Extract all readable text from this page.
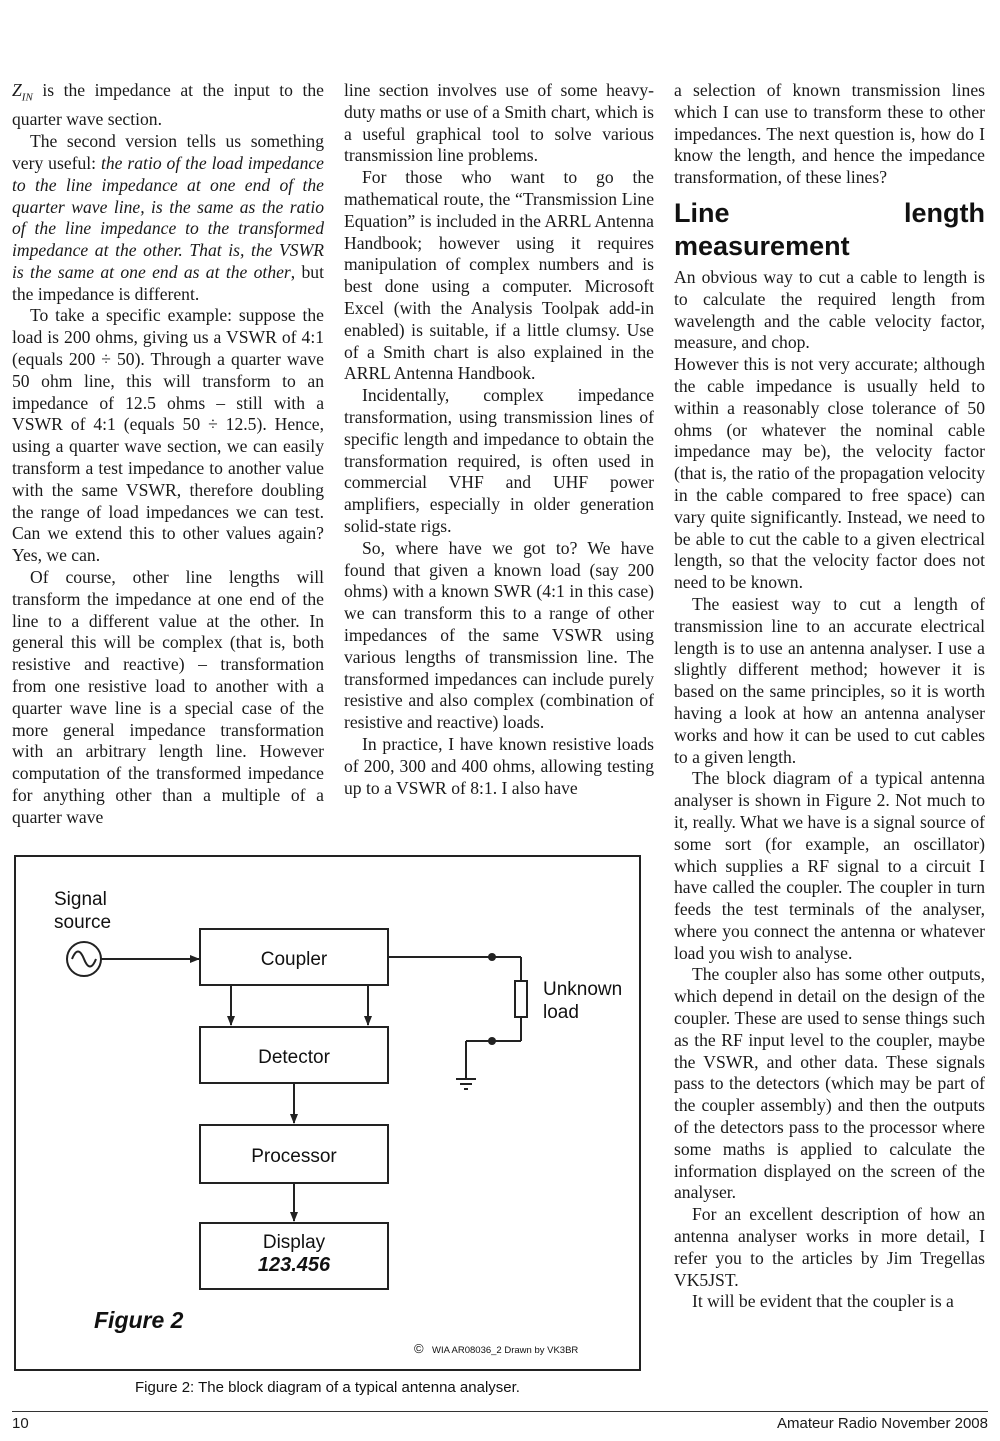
$Z_{IN}$ is the impedance at the input to the quarter wave section.

The second version tells us something very useful: the ratio of the load impedance to the line impedance at one end of the quarter wave line, is the same as the ratio of the line impedance to the transformed impedance at the other. That is, the VSWR is the same at one end as at the other, but the impedance is different.

To take a specific example: suppose the load is 200 ohms, giving us a VSWR of 4:1 (equals 200 ÷ 50). Through a quarter wave 50 ohm line, this will transform to an impedance of 12.5 ohms – still with a VSWR of 4:1 (equals 50 ÷ 12.5). Hence, using a quarter wave section, we can easily transform a test impedance to another value with the same VSWR, therefore doubling the range of load impedances we can test. Can we extend this to other values again? Yes, we can.

Of course, other line lengths will transform the impedance at one end of the line to a different value at the other. In general this will be complex (that is, both resistive and reactive) – transformation from one resistive load to another with a quarter wave line is a special case of the more general impedance transformation with an arbitrary length line. However computation of the transformed impedance for anything other than a multiple of a quarter wave

line section involves use of some heavy-duty maths or use of a Smith chart, which is a useful graphical tool to solve various transmission line problems.

For those who want to go the mathematical route, the “Transmission Line Equation” is included in the ARRL Antenna Handbook; however using it requires manipulation of complex numbers and is best done using a computer. Microsoft Excel (with the Analysis Toolpak add-in enabled) is suitable, if a little clumsy. Use of a Smith chart is also explained in the ARRL Antenna Handbook.

Incidentally, complex impedance transformation, using transmission lines of specific length and impedance to obtain the transformation required, is often used in commercial VHF and UHF power amplifiers, especially in older generation solid-state rigs.

So, where have we got to? We have found that given a known load (say 200 ohms) with a known SWR (4:1 in this case) we can transform this to a range of other impedances of the same VSWR using various lengths of transmission line. The transformed impedances can include purely resistive and also complex (combination of resistive and reactive) loads.

In practice, I have known resistive loads of 200, 300 and 400 ohms, allowing testing up to a VSWR of 8:1. I also have

a selection of known transmission lines which I can use to transform these to other impedances. The next question is, how do I know the length, and hence the impedance transformation, of these lines?

Line length measurement

An obvious way to cut a cable to length is to calculate the required length from wavelength and the cable velocity factor, measure, and chop.

However this is not very accurate; although the cable impedance is usually held to within a reasonably close tolerance of 50 ohms (or whatever the nominal cable impedance may be), the velocity factor (that is, the ratio of the propagation velocity in the cable compared to free space) can vary quite significantly. Instead, we need to be able to cut the cable to a given electrical length, so that the velocity factor does not need to be known.

The easiest way to cut a length of transmission line to an accurate electrical length is to use an antenna analyser. I use a slightly different method; however it is based on the same principles, so it is worth having a look at how an antenna analyser works and how it can be used to cut cables to a given length.

The block diagram of a typical antenna analyser is shown in Figure 2. Not much to it, really. What we have is a signal source of some sort (for example, an oscillator) which supplies a RF signal to a circuit I have called the coupler. The coupler in turn feeds the test terminals of the analyser, where you connect the antenna or whatever load you wish to analyse.

The coupler also has some other outputs, which depend in detail on the design of the coupler. These are used to sense things such as the RF input level to the coupler, maybe the VSWR, and other data. These signals pass to the detectors (which may be part of the coupler assembly) and then the outputs of the detectors pass to the processor where some maths is applied to calculate the information displayed on the screen of the analyser.

For an excellent description of how an antenna analyser works in more detail, I refer you to the articles by Jim Tregellas VK5JST.

It will be evident that the coupler is a

Signal
source
Coupler
Unknown
load
Detector
Processor
Display
123.456
Figure 2
© WIA AR08036_2 Drawn by VK3BR
Figure 2: The block diagram of a typical antenna analyser.
10	Amateur Radio November 2008
